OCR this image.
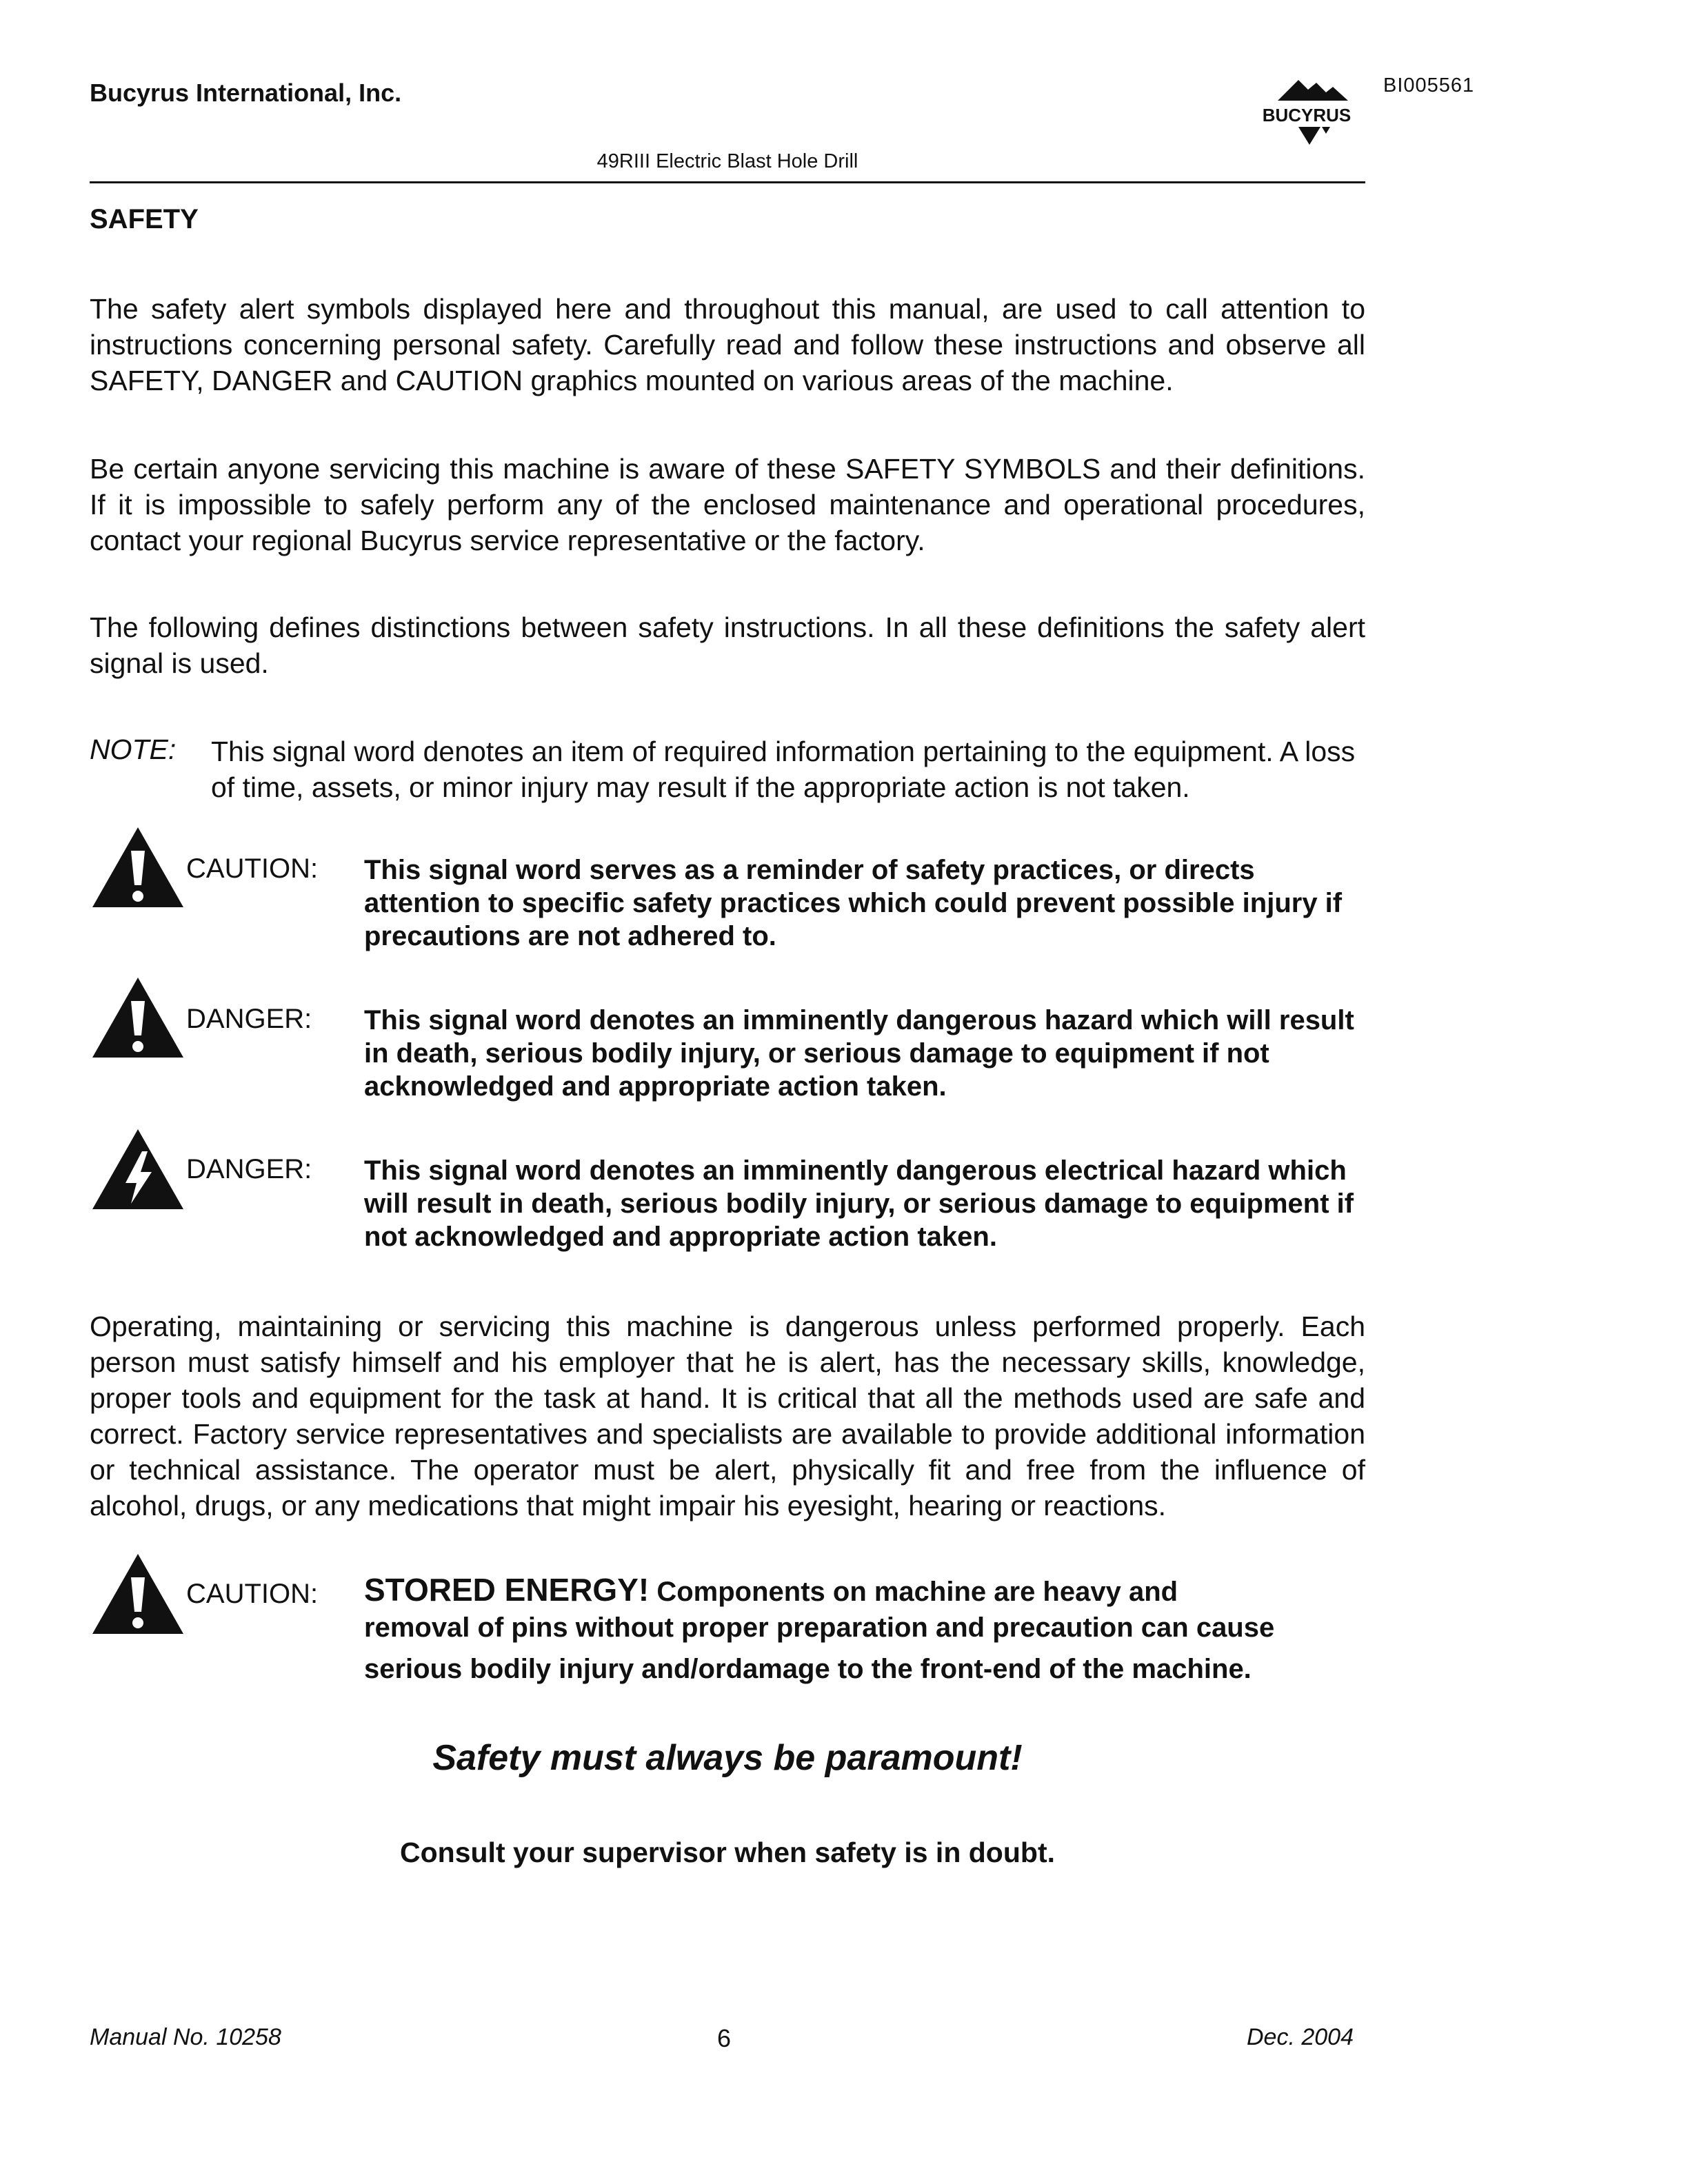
Bucyrus International, Inc.
BUCYRUS
BI005561
49RIII Electric Blast Hole Drill
SAFETY
The safety alert symbols displayed here and throughout this manual, are used to call attention to instructions concerning personal safety. Carefully read and follow these instructions and observe all SAFETY, DANGER and CAUTION graphics mounted on various areas of the machine.
Be certain anyone servicing this machine is aware of these SAFETY SYMBOLS and their definitions. If it is impossible to safely perform any of the enclosed maintenance and operational procedures, contact your regional Bucyrus service representative or the factory.
The following defines distinctions between safety instructions. In all these definitions the safety alert signal is used.
NOTE: This signal word denotes an item of required information pertaining to the equipment. A loss of time, assets, or minor injury may result if the appropriate action is not taken.
CAUTION: This signal word serves as a reminder of safety practices, or directs attention to specific safety practices which could prevent possible injury if precautions are not adhered to.
DANGER: This signal word denotes an imminently dangerous hazard which will result in death, serious bodily injury, or serious damage to equipment if not acknowledged and appropriate action taken.
DANGER: This signal word denotes an imminently dangerous electrical hazard which will result in death, serious bodily injury, or serious damage to equipment if not acknowledged and appropriate action taken.
Operating, maintaining or servicing this machine is dangerous unless performed properly. Each person must satisfy himself and his employer that he is alert, has the necessary skills, knowledge, proper tools and equipment for the task at hand. It is critical that all the methods used are safe and correct. Factory service representatives and specialists are available to provide additional information or technical assistance. The operator must be alert, physically fit and free from the influence of alcohol, drugs, or any medications that might impair his eyesight, hearing or reactions.
CAUTION: STORED ENERGY! Components on machine are heavy and
removal of pins without proper preparation and precaution can cause
serious bodily injury and/ordamage to the front-end of the machine.
Safety must always be paramount!
Consult your supervisor when safety is in doubt.
Manual No. 10258	6	Dec. 2004
